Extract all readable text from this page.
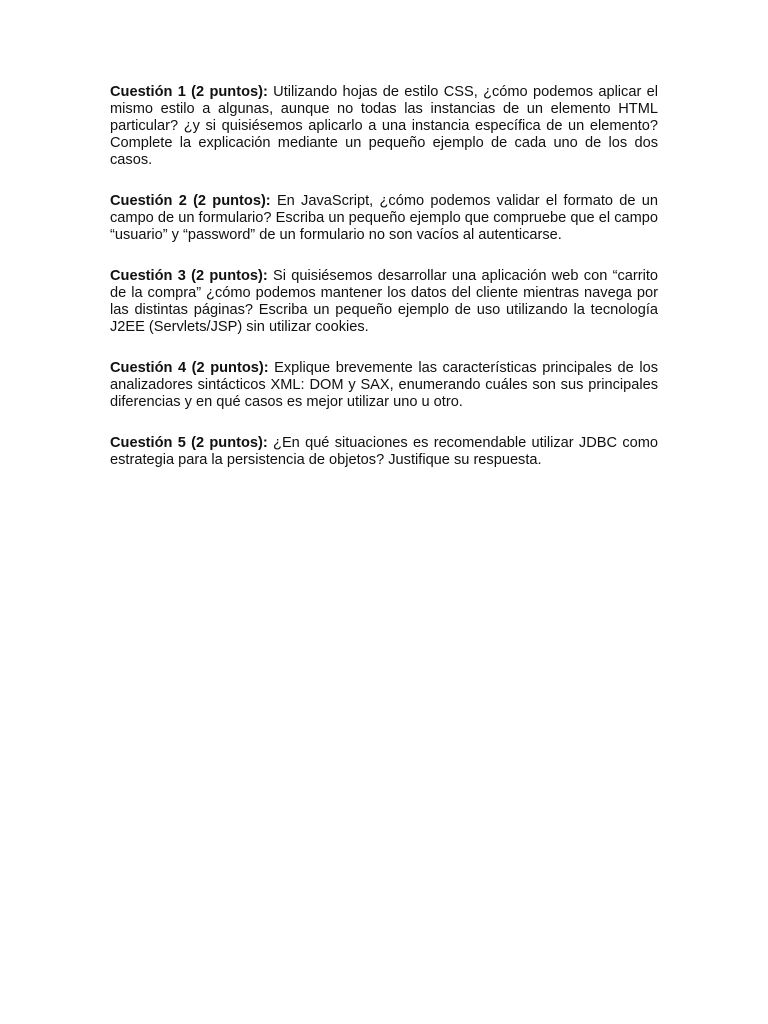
Cuestión 1 (2 puntos): Utilizando hojas de estilo CSS, ¿cómo podemos aplicar el mismo estilo a algunas, aunque no todas las instancias de un elemento HTML particular? ¿y si quisiésemos aplicarlo a una instancia específica de un elemento? Complete la explicación mediante un pequeño ejemplo de cada uno de los dos casos.

Cuestión 2 (2 puntos): En JavaScript, ¿cómo podemos validar el formato de un campo de un formulario? Escriba un pequeño ejemplo que compruebe que el campo “usuario” y “password” de un formulario no son vacíos al autenticarse.

Cuestión 3 (2 puntos): Si quisiésemos desarrollar una aplicación web con “carrito de la compra” ¿cómo podemos mantener los datos del cliente mientras navega por las distintas páginas? Escriba un pequeño ejemplo de uso utilizando la tecnología J2EE (Servlets/JSP) sin utilizar cookies.

Cuestión 4 (2 puntos): Explique brevemente las características principales de los analizadores sintácticos XML: DOM y SAX, enumerando cuáles son sus principales diferencias y en qué casos es mejor utilizar uno u otro.

Cuestión 5 (2 puntos): ¿En qué situaciones es recomendable utilizar JDBC como estrategia para la persistencia de objetos? Justifique su respuesta.
